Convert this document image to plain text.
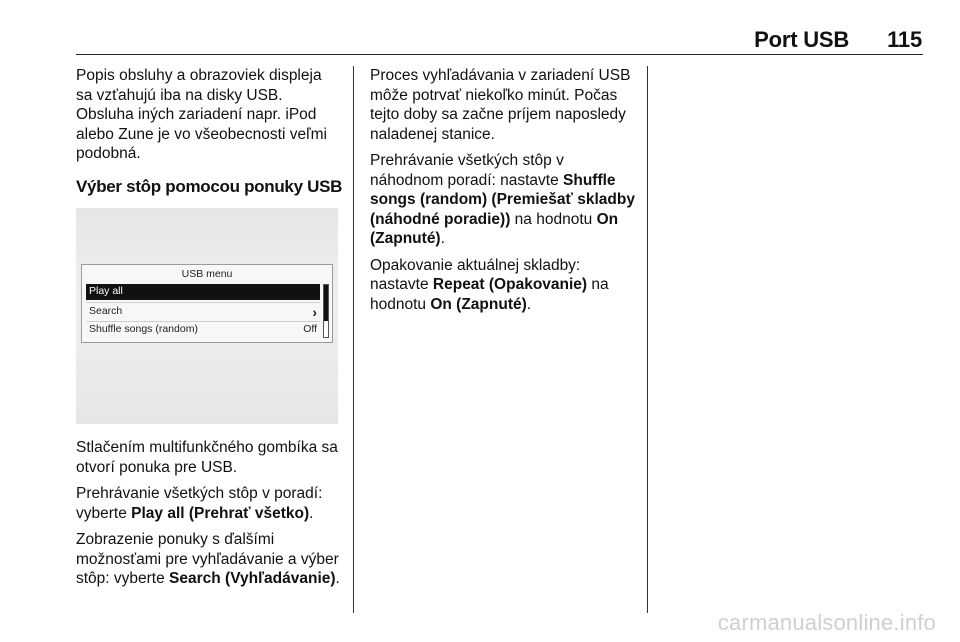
Port USB 115

Popis obsluhy a obrazoviek displeja sa vzťahujú iba na disky USB. Obsluha iných zariadení napr. iPod alebo Zune je vo všeobecnosti veľmi podobná.

Výber stôp pomocou ponuky USB
USB menu
Play all
Search	›
Shuffle songs (random)	Off

Stlačením multifunkčného gombíka sa otvorí ponuka pre USB.

Prehrávanie všetkých stôp v poradí: vyberte Play all (Prehrať všetko).

Zobrazenie ponuky s ďalšími možnosťami pre vyhľadávanie a výber stôp: vyberte Search (Vyhľadávanie).

Proces vyhľadávania v zariadení USB môže potrvať niekoľko minút. Počas tejto doby sa začne príjem naposledy naladenej stanice.

Prehrávanie všetkých stôp v náhodnom poradí: nastavte Shuffle songs (random) (Premiešať skladby (náhodné poradie)) na hodnotu On (Zapnuté).

Opakovanie aktuálnej skladby: nastavte Repeat (Opakovanie) na hodnotu On (Zapnuté).

carmanualsonline.info
